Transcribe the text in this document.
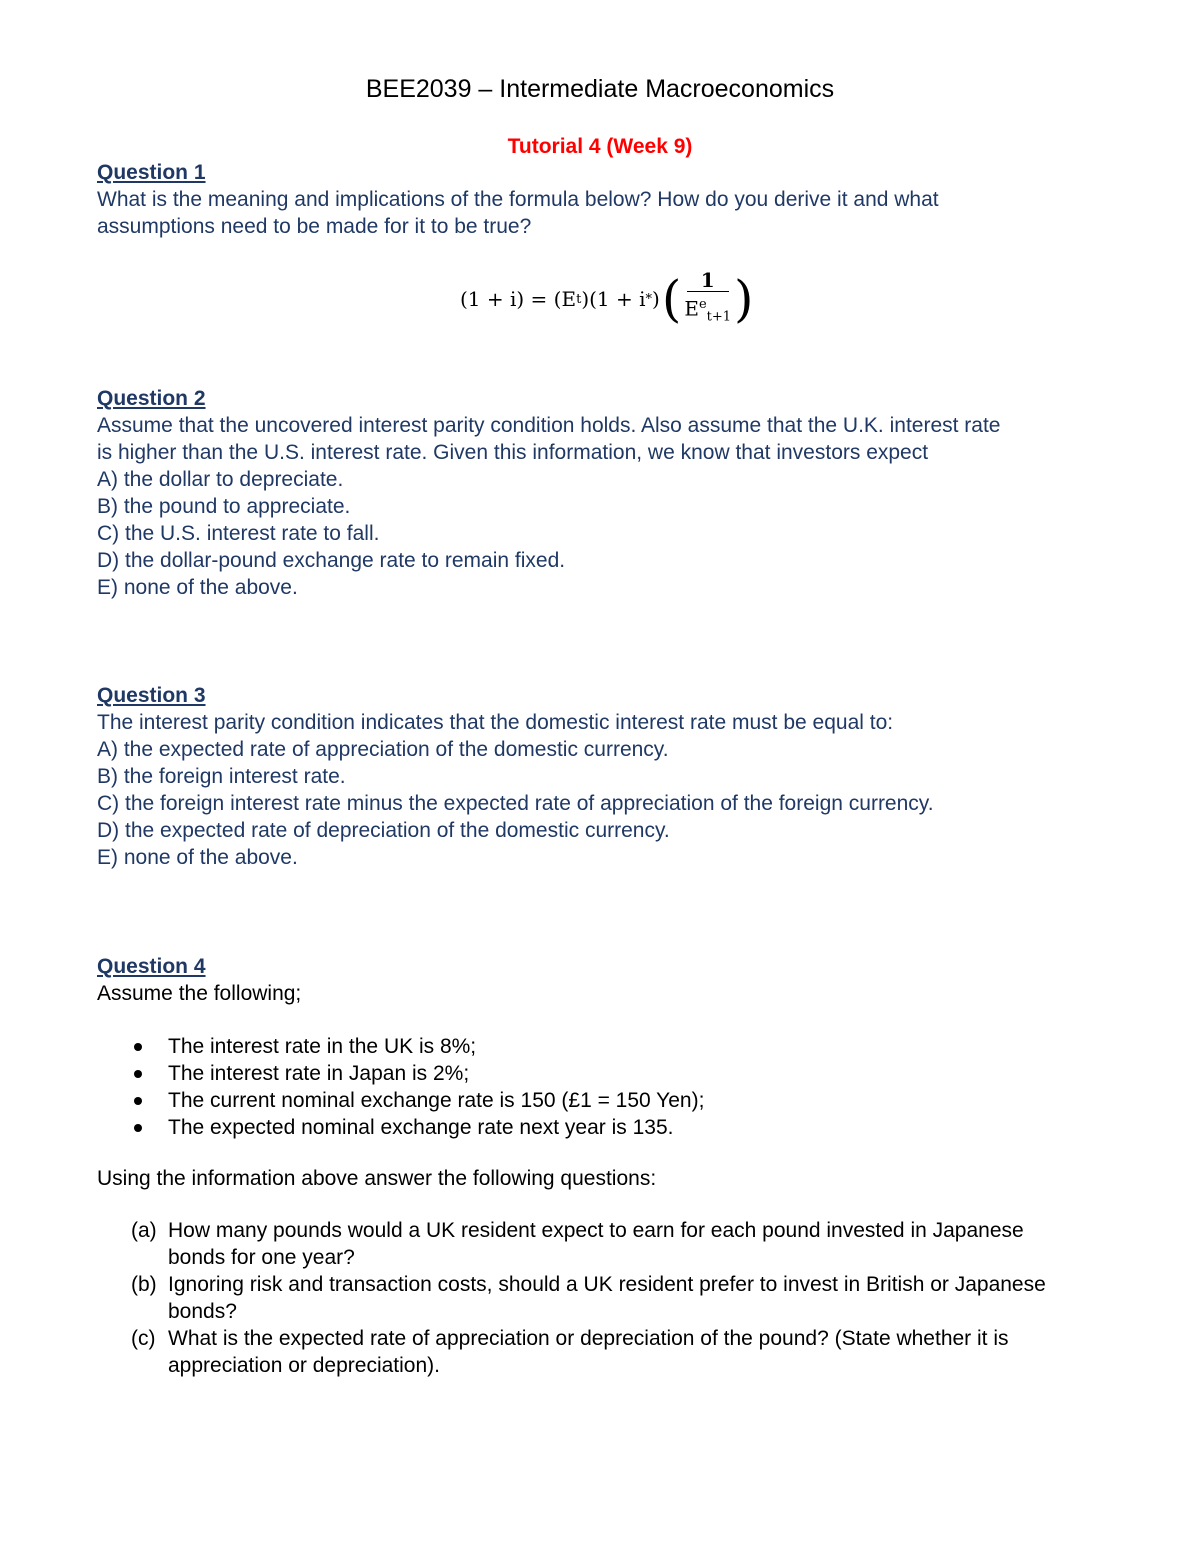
BEE2039 – Intermediate Macroeconomics
Tutorial 4 (Week 9)
Question 1
What is the meaning and implications of the formula below? How do you derive it and what
assumptions need to be made for it to be true?
(1 + i) = (E t )(1 + i * ) ( $\frac{1}{E^e_{t+1}}$ )
Question 2
Assume that the uncovered interest parity condition holds. Also assume that the U.K. interest rate
is higher than the U.S. interest rate. Given this information, we know that investors expect
A) the dollar to depreciate.
B) the pound to appreciate.
C) the U.S. interest rate to fall.
D) the dollar-pound exchange rate to remain fixed.
E) none of the above.
Question 3
The interest parity condition indicates that the domestic interest rate must be equal to:
A) the expected rate of appreciation of the domestic currency.
B) the foreign interest rate.
C) the foreign interest rate minus the expected rate of appreciation of the foreign currency.
D) the expected rate of depreciation of the domestic currency.
E) none of the above.
Question 4
Assume the following;
The interest rate in the UK is 8%;
The interest rate in Japan is 2%;
The current nominal exchange rate is 150 (£1 = 150 Yen);
The expected nominal exchange rate next year is 135.
Using the information above answer the following questions:
(a) How many pounds would a UK resident expect to earn for each pound invested in Japanese
bonds for one year?
(b) Ignoring risk and transaction costs, should a UK resident prefer to invest in British or Japanese
bonds?
(c) What is the expected rate of appreciation or depreciation of the pound? (State whether it is
appreciation or depreciation).
